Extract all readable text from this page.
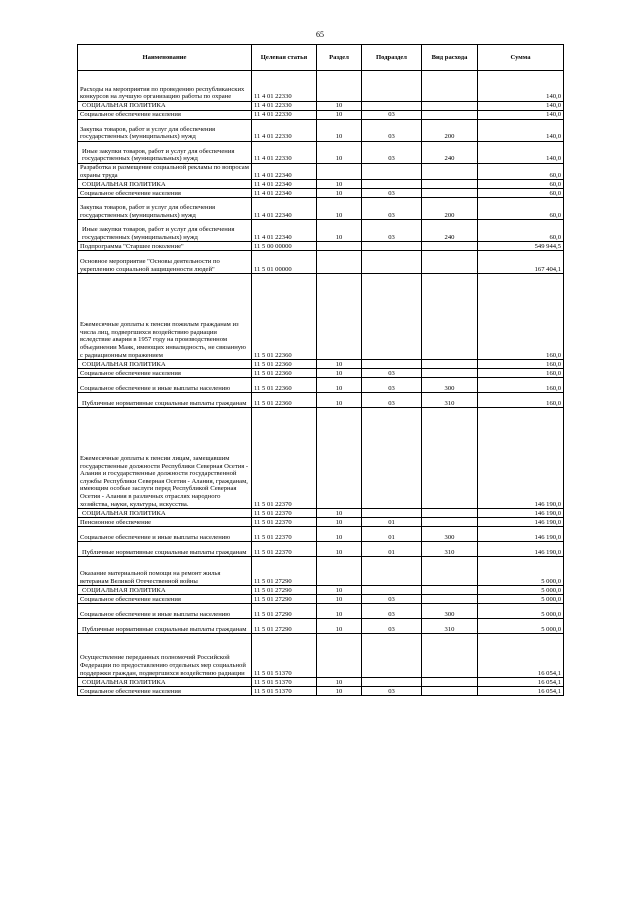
65
Наименование	Целевая статья	Раздел	Подраздел	Вид расхода	Сумма
Расходы на мероприятия по проведению республиканских конкурсов на лучшую организацию работы по охране	11 4 01 22330				140,0
СОЦИАЛЬНАЯ ПОЛИТИКА	11 4 01 22330	10			140,0
Социальное обеспечение населения	11 4 01 22330	10	03		140,0
Закупка товаров, работ и услуг для обеспечения государственных (муниципальных) нужд	11 4 01 22330	10	03	200	140,0
Иные закупки товаров, работ и услуг для обеспечения государственных (муниципальных) нужд	11 4 01 22330	10	03	240	140,0
Разработка и размещение социальной рекламы по вопросам охраны труда	11 4 01 22340				60,0
СОЦИАЛЬНАЯ ПОЛИТИКА	11 4 01 22340	10			60,0
Социальное обеспечение населения	11 4 01 22340	10	03		60,0
Закупка товаров, работ и услуг для обеспечения государственных (муниципальных) нужд	11 4 01 22340	10	03	200	60,0
Иные закупки товаров, работ и услуг для обеспечения государственных (муниципальных) нужд	11 4 01 22340	10	03	240	60,0
Подпрограмма "Старшее поколение"	11 5 00 00000				549 944,5
Основное мероприятие "Основы деятельности по укреплению социальной защищенности людей"	11 5 01 00000				167 404,1
Ежемесячные доплаты к пенсии пожилым гражданам из числа лиц, подвергшихся воздействию радиации вследствие аварии в 1957 году на производственном объединении Маяк, имеющих инвалидность, не связанную с радиационным поражением	11 5 01 22360				160,0
СОЦИАЛЬНАЯ ПОЛИТИКА	11 5 01 22360	10			160,0
Социальное обеспечение населения	11 5 01 22360	10	03		160,0
Социальное обеспечение и иные выплаты населению	11 5 01 22360	10	03	300	160,0
Публичные нормативные социальные выплаты гражданам	11 5 01 22360	10	03	310	160,0
Ежемесячные доплаты к пенсии лицам, замещавшим государственные должности Республики Северная Осетия - Алания и государственные должности государственной службы Республики Северная Осетия - Алания, гражданам, имеющим особые заслуги перед Республикой Северная Осетия - Алания в различных отраслях народного хозяйства, науки, культуры, искусства.	11 5 01 22370				146 190,0
СОЦИАЛЬНАЯ ПОЛИТИКА	11 5 01 22370	10			146 190,0
Пенсионное обеспечение	11 5 01 22370	10	01		146 190,0
Социальное обеспечение и иные выплаты населению	11 5 01 22370	10	01	300	146 190,0
Публичные нормативные социальные выплаты гражданам	11 5 01 22370	10	01	310	146 190,0
Оказание материальной помощи на ремонт жилья ветеранам Великой Отечественной войны	11 5 01 27290				5 000,0
СОЦИАЛЬНАЯ ПОЛИТИКА	11 5 01 27290	10			5 000,0
Социальное обеспечение населения	11 5 01 27290	10	03		5 000,0
Социальное обеспечение и иные выплаты населению	11 5 01 27290	10	03	300	5 000,0
Публичные нормативные социальные выплаты гражданам	11 5 01 27290	10	03	310	5 000,0
Осуществление переданных полномочий Российской Федерации по предоставлению отдельных мер социальной поддержки граждан, подвергшихся воздействию радиации	11 5 01 51370				16 054,1
СОЦИАЛЬНАЯ ПОЛИТИКА	11 5 01 51370	10			16 054,1
Социальное обеспечение населения	11 5 01 51370	10	03		16 054,1
